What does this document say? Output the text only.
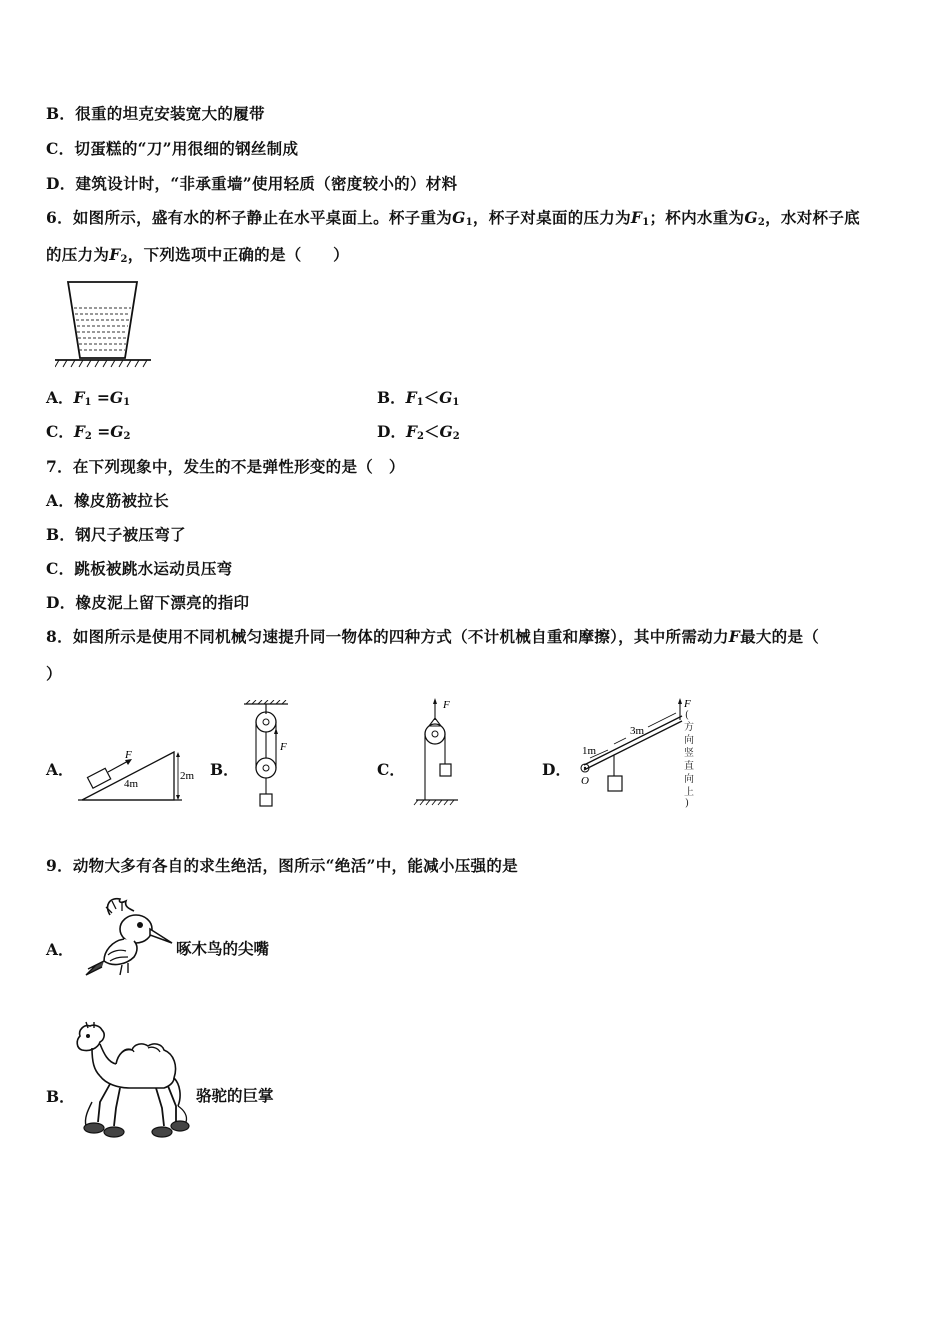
B．很重的坦克安装宽大的履带
C．切蛋糕的“刀”用很细的钢丝制成
D．建筑设计时，“非承重墙”使用轻质（密度较小的）材料
6．如图所示，盛有水的杯子静止在水平桌面上。杯子重为$G_1$，杯子对桌面的压力为$F_1$；杯内水重为$G_2$，水对杯子底
的压力为$F_2$，下列选项中正确的是（　　）
A．$F_1 =G_1$	B．$F_1<G_1$
C．$F_2 =G_2$	D．$F_2<G_2$
7．在下列现象中，发生的不是弹性形变的是（　）
A．橡皮筋被拉长
B．钢尺子被压弯了
C．跳板被跳水运动员压弯
D．橡皮泥上留下漂亮的指印
8．如图所示是使用不同机械匀速提升同一物体的四种方式（不计机械自重和摩擦），其中所需动力F最大的是（
）
A．	B．	C．	D．
F
4m
2m
F
F
O
1m
3m
F
(
方
向
竖
直
向
上
)
9．动物大多有各自的求生绝活，图所示“绝活”中，能减小压强的是
A．	啄木鸟的尖嘴
B．	骆驼的巨掌
